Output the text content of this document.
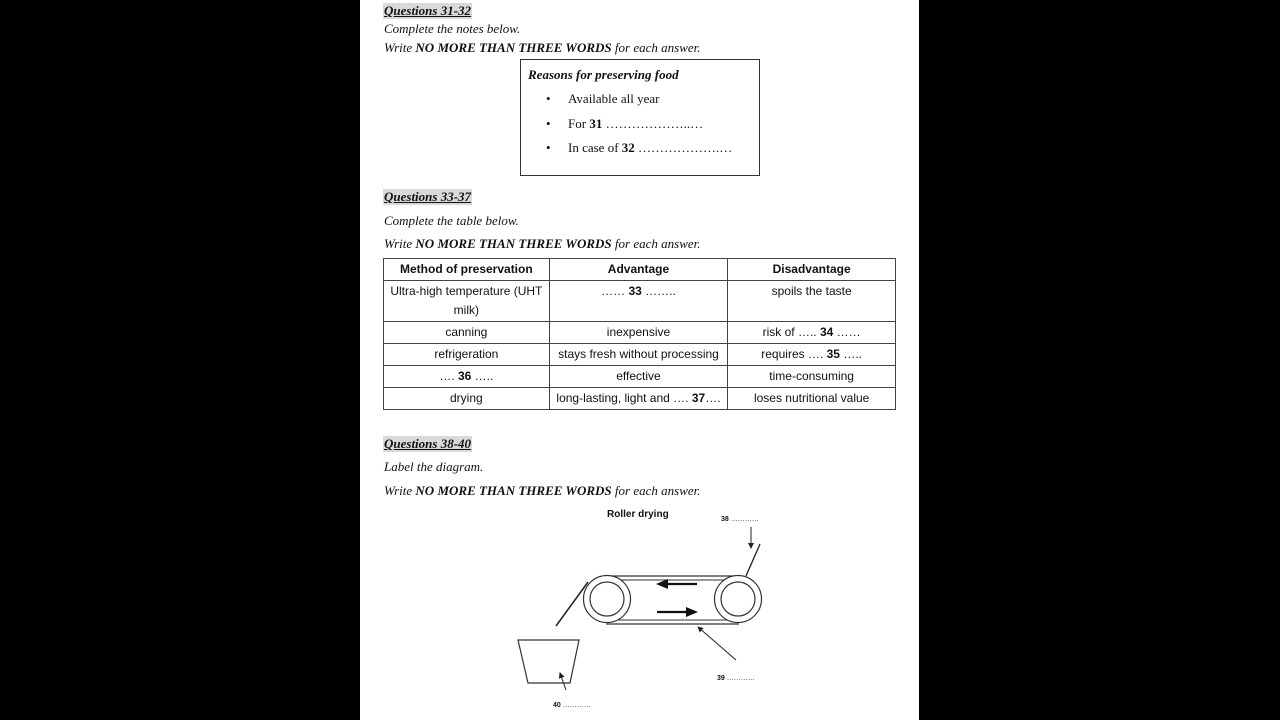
Questions 31-32
Complete the notes below.
Write NO MORE THAN THREE WORDS for each answer.
Reasons for preserving food
• Available all year
• For 31 ………………..…
• In case of 32 ……………….…
Questions 33-37
Complete the table below.
Write NO MORE THAN THREE WORDS for each answer.
Method of preservation	Advantage	Disadvantage
Ultra-high temperature (UHT milk)	…… 33 ……..	spoils the taste
canning	inexpensive	risk of ….. 34 ……
refrigeration	stays fresh without processing	requires …. 35 …..
…. 36 …..	effective	time-consuming
drying	long-lasting, light and …. 37….	loses nutritional value
Questions 38-40
Label the diagram.
Write NO MORE THAN THREE WORDS for each answer.
Roller drying	38 …………
39 …………
40 …………
